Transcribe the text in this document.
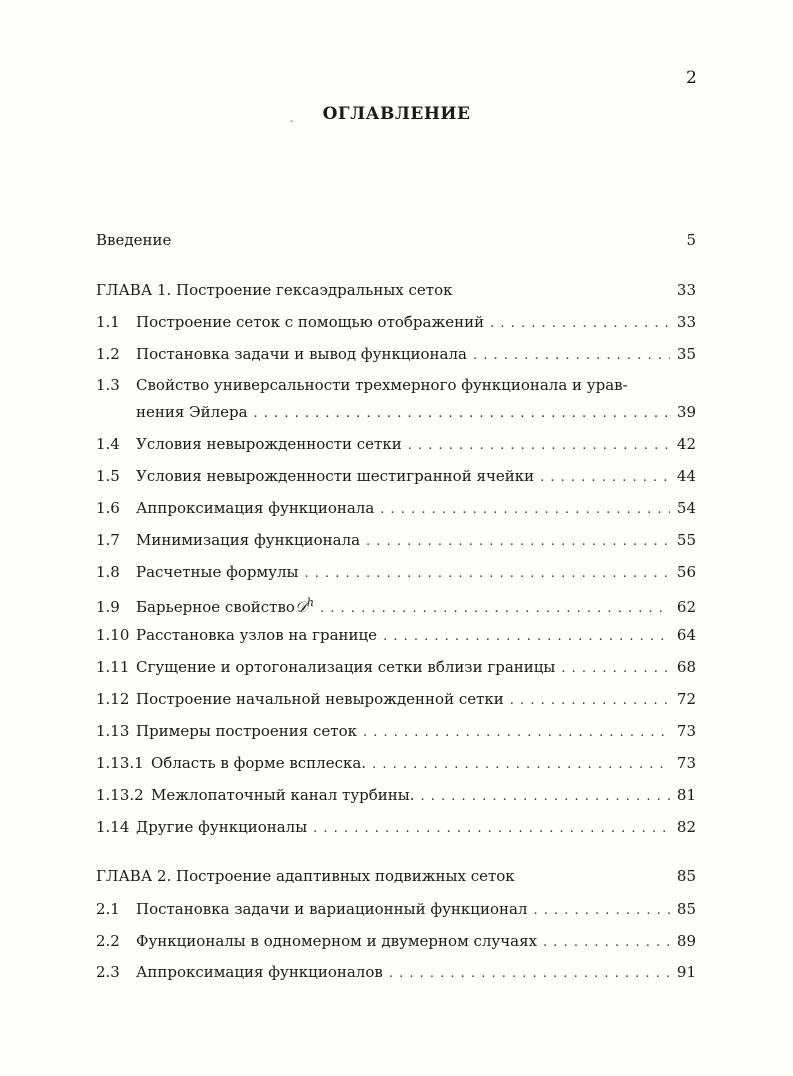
2
-	ОГЛАВЛЕНИЕ
Введение	5
ГЛАВА 1. Построение гексаэдральных сеток	33
1.1	Построение сеток с помощью отображений . . .	33
1.2	Постановка задачи и вывод функционала . . .	35
1.3	Свойство универсальности трехмерного функционала и урав-
нения Эйлера . . .	39
1.4	Условия невырожденности сетки . . .	42
1.5	Условия невырожденности шестигранной ячейки . . .	44
1.6	Аппроксимация функционала . . .	54
1.7	Минимизация функционала . . .	55
1.8	Расчетные формулы . . .	56
1.9	Барьерное свойство 𝒟$^h$ . . .	62
1.10 Расстановка узлов на границе . . .	64
1.11 Сгущение и ортогонализация сетки вблизи границы . . .	68
1.12 Построение начальной невырожденной сетки . . .	72
1.13 Примеры построения сеток . . .	73
1.13.1 Область в форме всплеска. . . .	73
1.13.2 Межлопаточный канал турбины. . . .	81
1.14 Другие функционалы . . .	82
ГЛАВА 2. Построение адаптивных подвижных сеток	85
2.1	Постановка задачи и вариационный функционал . . .	85
2.2	Функционалы в одномерном и двумерном случаях . . .	89
2.3	Аппроксимация функционалов . . .	91
